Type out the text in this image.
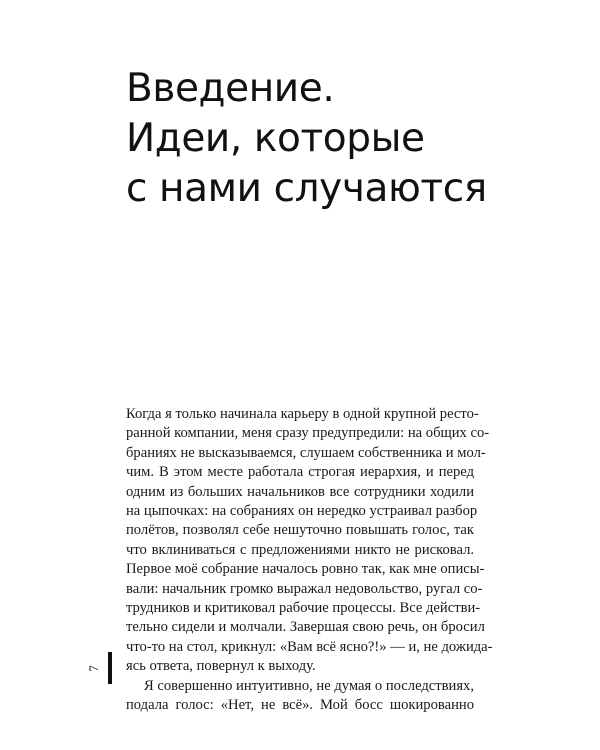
Введение.
Идеи, которые
с нами случаются

Когда я только начинала карьеру в одной крупной ресто-
ранной компании, меня сразу предупредили: на общих со-
браниях не высказываемся, слушаем собственника и мол-
чим. В этом месте работала строгая иерархия, и перед
одним из больших начальников все сотрудники ходили
на цыпочках: на собраниях он нередко устраивал разбор
полётов, позволял себе нешуточно повышать голос, так
что вклиниваться с предложениями никто не рисковал.
Первое моё собрание началось ровно так, как мне описы-
вали: начальник громко выражал недовольство, ругал со-
трудников и критиковал рабочие процессы. Все действи-
тельно сидели и молчали. Завершая свою речь, он бросил
что-то на стол, крикнул: «Вам всё ясно?!» — и, не дожида-
ясь ответа, повернул к выходу.

Я совершенно интуитивно, не думая о последствиях,
подала голос: «Нет, не всё». Мой босс шокированно

7
